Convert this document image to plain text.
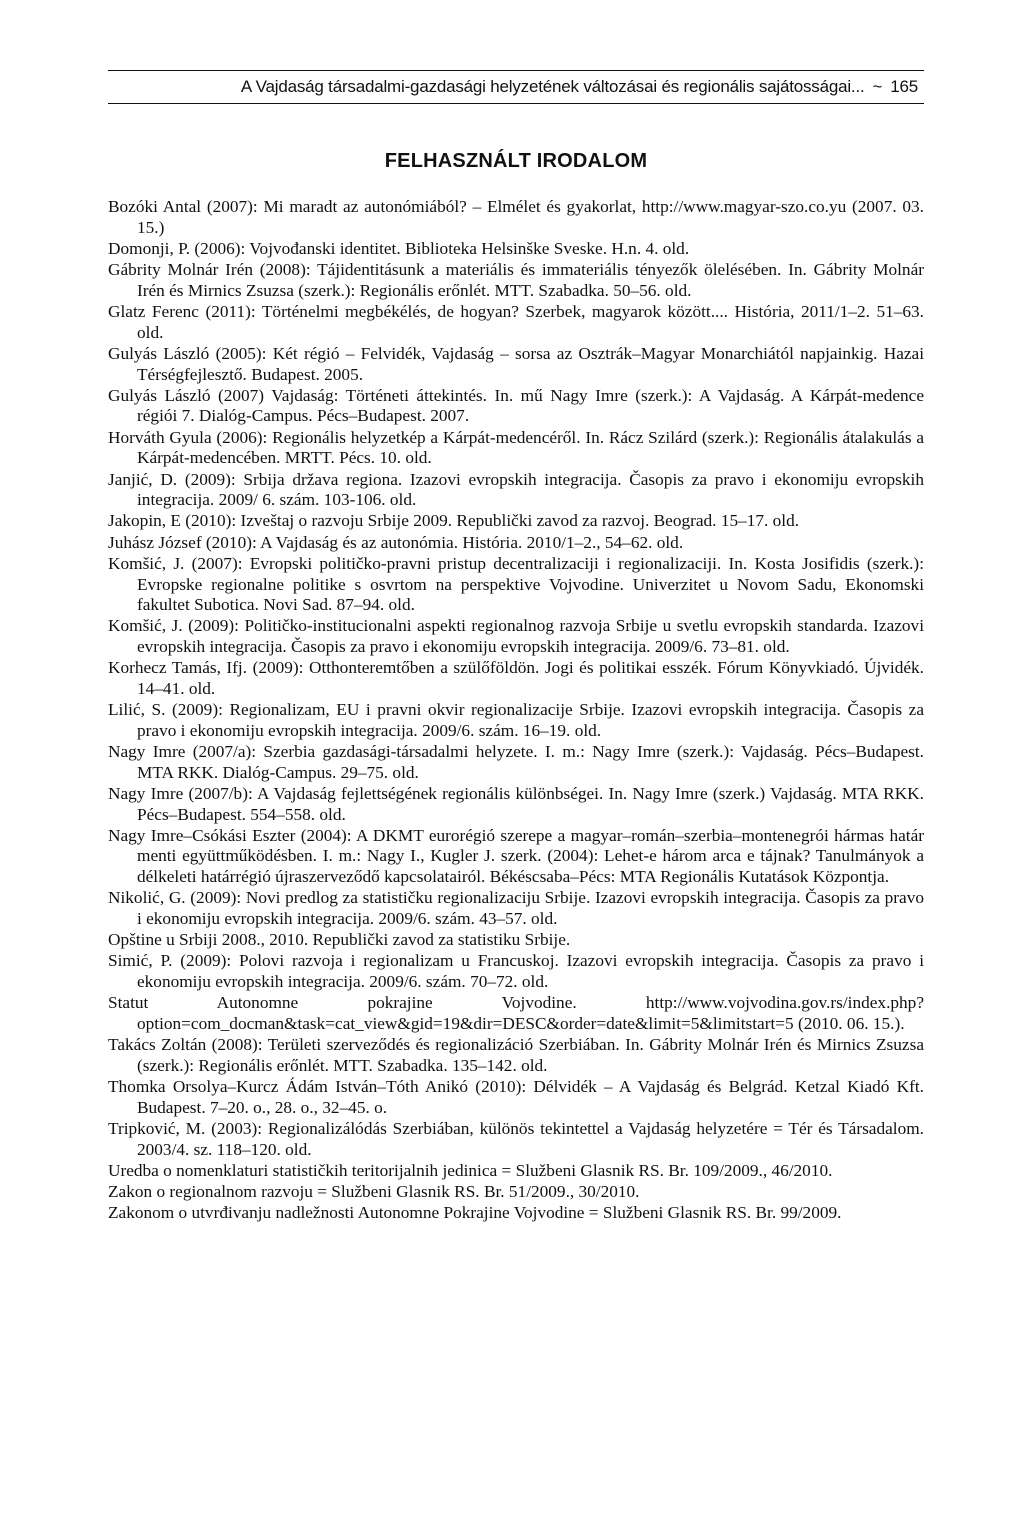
A Vajdaság társadalmi-gazdasági helyzetének változásai és regionális sajátosságai... ~ 165
FELHASZNÁLT IRODALOM
Bozóki Antal (2007): Mi maradt az autonómiából? – Elmélet és gyakorlat, http://www.magyar-szo.co.yu (2007. 03. 15.)
Domonji, P. (2006): Vojvođanski identitet. Biblioteka Helsinške Sveske. H.n. 4. old.
Gábrity Molnár Irén (2008): Tájidentitásunk a materiális és immateriális tényezők ölelésében. In. Gábrity Molnár Irén és Mirnics Zsuzsa (szerk.): Regionális erőnlét. MTT. Szabadka. 50–56. old.
Glatz Ferenc (2011): Történelmi megbékélés, de hogyan? Szerbek, magyarok között.... História, 2011/1–2. 51–63. old.
Gulyás László (2005): Két régió – Felvidék, Vajdaság – sorsa az Osztrák–Magyar Monarchiától napjainkig. Hazai Térségfejlesztő. Budapest. 2005.
Gulyás László (2007) Vajdaság: Történeti áttekintés. In. mű Nagy Imre (szerk.): A Vajdaság. A Kárpát-medence régiói 7. Dialóg-Campus. Pécs–Budapest. 2007.
Horváth Gyula (2006): Regionális helyzetkép a Kárpát-medencéről. In. Rácz Szilárd (szerk.): Regionális átalakulás a Kárpát-medencében. MRTT. Pécs. 10. old.
Janjić, D. (2009): Srbija država regiona. Izazovi evropskih integracija. Časopis za pravo i ekonomiju evropskih integracija. 2009/ 6. szám. 103-106. old.
Jakopin, E (2010): Izveštaj o razvoju Srbije 2009. Republički zavod za razvoj. Beograd. 15–17. old.
Juhász József (2010): A Vajdaság és az autonómia. História. 2010/1–2., 54–62. old.
Komšić, J. (2007): Evropski političko-pravni pristup decentralizaciji i regionalizaciji. In. Kosta Josifidis (szerk.): Evropske regionalne politike s osvrtom na perspektive Vojvodine. Univerzitet u Novom Sadu, Ekonomski fakultet Subotica. Novi Sad. 87–94. old.
Komšić, J. (2009): Političko-institucionalni aspekti regionalnog razvoja Srbije u svetlu evropskih standarda. Izazovi evropskih integracija. Časopis za pravo i ekonomiju evropskih integracija. 2009/6. 73–81. old.
Korhecz Tamás, Ifj. (2009): Otthonteremtőben a szülőföldön. Jogi és politikai esszék. Fórum Könyvkiadó. Újvidék. 14–41. old.
Lilić, S. (2009): Regionalizam, EU i pravni okvir regionalizacije Srbije. Izazovi evropskih integracija. Časopis za pravo i ekonomiju evropskih integracija. 2009/6. szám. 16–19. old.
Nagy Imre (2007/a): Szerbia gazdasági-társadalmi helyzete. I. m.: Nagy Imre (szerk.): Vajdaság. Pécs–Budapest. MTA RKK. Dialóg-Campus. 29–75. old.
Nagy Imre (2007/b): A Vajdaság fejlettségének regionális különbségei. In. Nagy Imre (szerk.) Vajdaság. MTA RKK. Pécs–Budapest. 554–558. old.
Nagy Imre–Csókási Eszter (2004): A DKMT eurorégió szerepe a magyar–román–szerbia–montenegrói hármas határ menti együttműködésben. I. m.: Nagy I., Kugler J. szerk. (2004): Lehet-e három arca e tájnak? Tanulmányok a délkeleti határrégió újraszerveződő kapcsolatairól. Békéscsaba–Pécs: MTA Regionális Kutatások Központja.
Nikolić, G. (2009): Novi predlog za statističku regionalizaciju Srbije. Izazovi evropskih integracija. Časopis za pravo i ekonomiju evropskih integracija. 2009/6. szám. 43–57. old.
Opštine u Srbiji 2008., 2010. Republički zavod za statistiku Srbije.
Simić, P. (2009): Polovi razvoja i regionalizam u Francuskoj. Izazovi evropskih integracija. Časopis za pravo i ekonomiju evropskih integracija. 2009/6. szám. 70–72. old.
Statut Autonomne pokrajine Vojvodine. http://www.vojvodina.gov.rs/index.php?option=com_docman&task=cat_view&gid=19&dir=DESC&order=date&limit=5&limitstart=5 (2010. 06. 15.).
Takács Zoltán (2008): Területi szerveződés és regionalizáció Szerbiában. In. Gábrity Molnár Irén és Mirnics Zsuzsa (szerk.): Regionális erőnlét. MTT. Szabadka. 135–142. old.
Thomka Orsolya–Kurcz Ádám István–Tóth Anikó (2010): Délvidék – A Vajdaság és Belgrád. Ketzal Kiadó Kft. Budapest. 7–20. o., 28. o., 32–45. o.
Tripković, M. (2003): Regionalizálódás Szerbiában, különös tekintettel a Vajdaság helyzetére = Tér és Társadalom. 2003/4. sz. 118–120. old.
Uredba o nomenklaturi statističkih teritorijalnih jedinica = Službeni Glasnik RS. Br. 109/2009., 46/2010.
Zakon o regionalnom razvoju = Službeni Glasnik RS. Br. 51/2009., 30/2010.
Zakonom o utvrđivanju nadležnosti Autonomne Pokrajine Vojvodine = Službeni Glasnik RS. Br. 99/2009.
